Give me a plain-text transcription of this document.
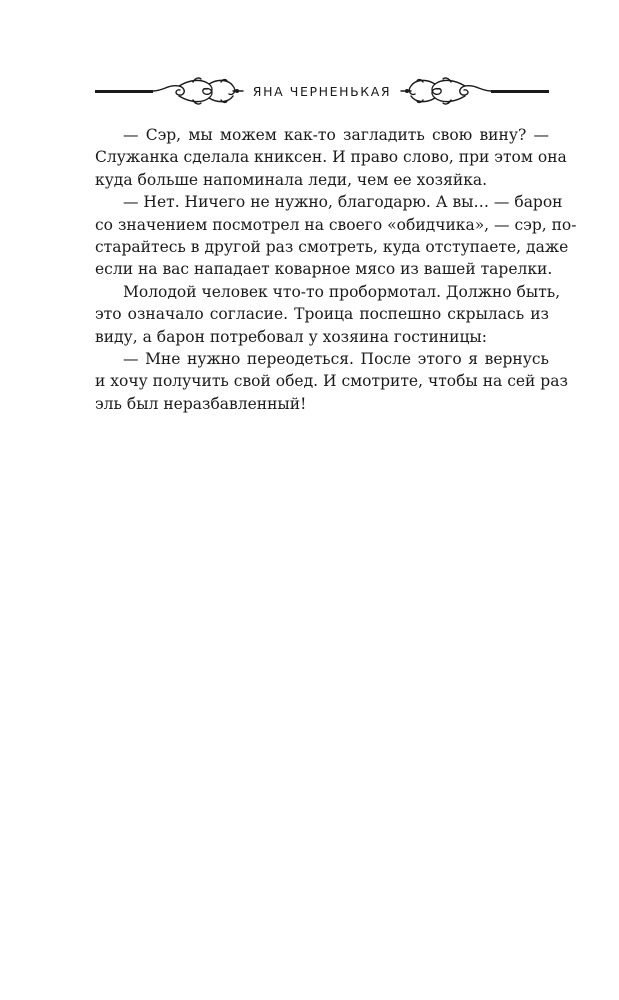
ЯНА ЧЕРНЕНЬКАЯ
— Сэр, мы можем как-то загладить свою вину? —
Служанка сделала книксен. И право слово, при этом она
куда больше напоминала леди, чем ее хозяйка.
— Нет. Ничего не нужно, благодарю. А вы… — барон
со значением посмотрел на своего «обидчика», — сэр, по-
старайтесь в другой раз смотреть, куда отступаете, даже
если на вас нападает коварное мясо из вашей тарелки.
Молодой человек что-то пробормотал. Должно быть,
это означало согласие. Троица поспешно скрылась из
виду, а барон потребовал у хозяина гостиницы:
— Мне нужно переодеться. После этого я вернусь
и хочу получить свой обед. И смотрите, чтобы на сей раз
эль был неразбавленный!
